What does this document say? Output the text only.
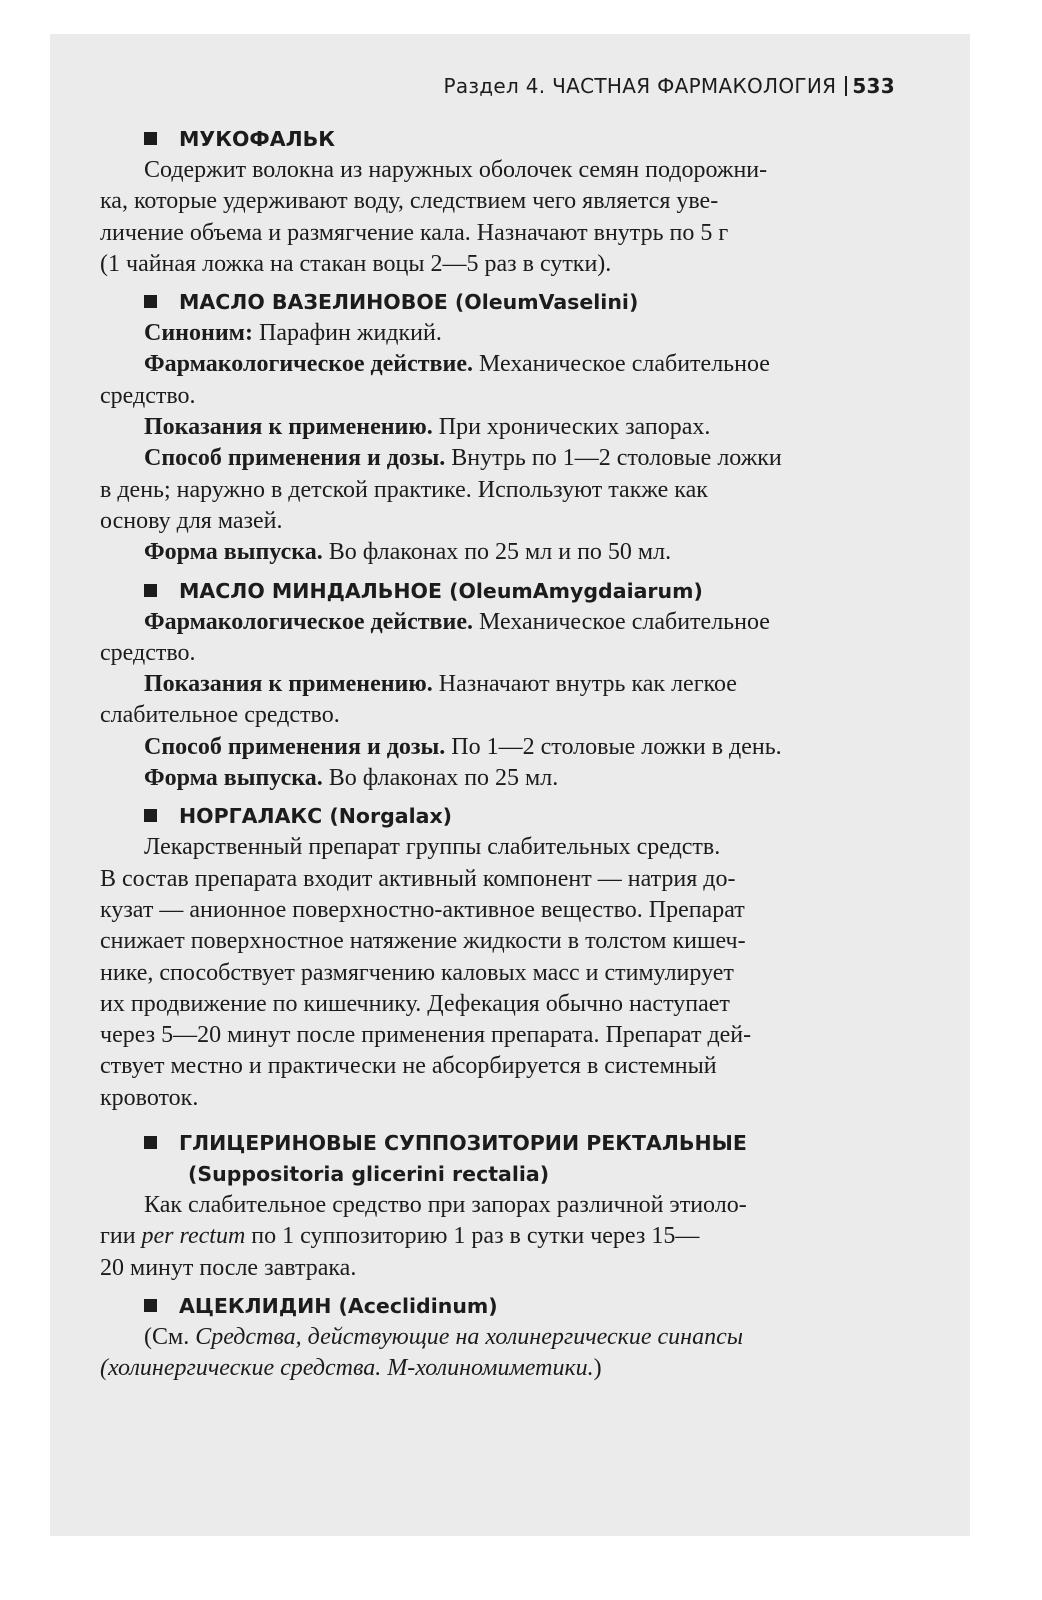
Раздел 4. ЧАСТНАЯ ФАРМАКОЛОГИЯ 533
МУКОФАЛЬК

Содержит волокна из наружных оболочек семян подорожни-

ка, которые удерживают воду, следствием чего является уве-

личение объема и размягчение кала. Назначают внутрь по 5 г

(1 чайная ложка на стакан воцы 2—5 раз в сутки).

МАСЛО ВАЗЕЛИНОВОЕ (OleumVaselini)

Синоним: Парафин жидкий.

Фармакологическое действие. Механическое слабительное

средство.

Показания к применению. При хронических запорах.

Способ применения и дозы. Внутрь по 1—2 столовые ложки

в день; наружно в детской практике. Используют также как

основу для мазей.

Форма выпуска. Во флаконах по 25 мл и по 50 мл.

МАСЛО МИНДАЛЬНОЕ (OleumAmygdaiarum)

Фармакологическое действие. Механическое слабительное

средство.

Показания к применению. Назначают внутрь как легкое

слабительное средство.

Способ применения и дозы. По 1—2 столовые ложки в день.

Форма выпуска. Во флаконах по 25 мл.

НОРГАЛАКС (Norgalax)

Лекарственный препарат группы слабительных средств.

В состав препарата входит активный компонент — натрия до-

кузат — анионное поверхностно-активное вещество. Препарат

снижает поверхностное натяжение жидкости в толстом кишеч-

нике, способствует размягчению каловых масс и стимулирует

их продвижение по кишечнику. Дефекация обычно наступает

через 5—20 минут после применения препарата. Препарат дей-

ствует местно и практически не абсорбируется в системный

кровоток.

ГЛИЦЕРИНОВЫЕ СУППОЗИТОРИИ РЕКТАЛЬНЫЕ
(Suppositoria glicerini rectalia)

Как слабительное средство при запорах различной этиоло-

гии per rectum по 1 суппозиторию 1 раз в сутки через 15—

20 минут после завтрака.

АЦЕКЛИДИН (Aceclidinum)

(См. Средства, действующие на холинергические синапсы

(холинергические средства. М-холиномиметики.)
